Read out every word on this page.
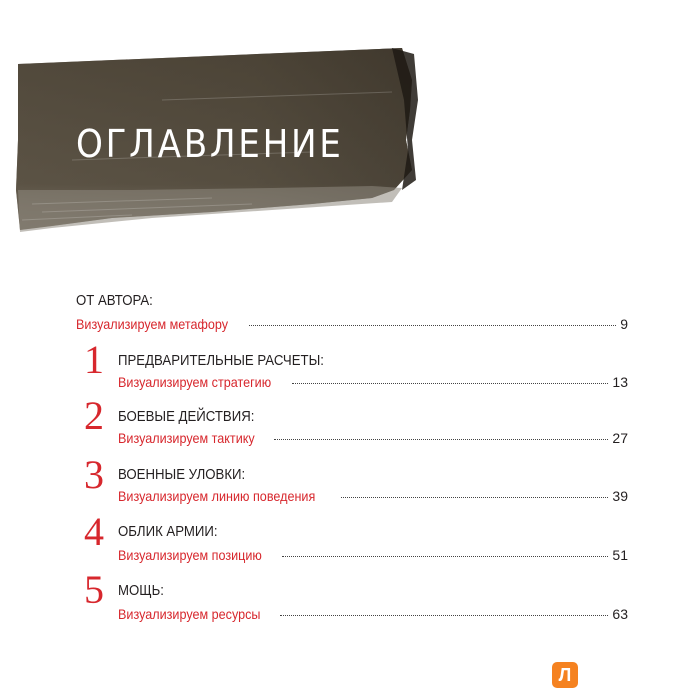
ОГЛАВЛЕНИЕ
ОТ АВТОРА:
Визуализируем метафору	9
1 ПРЕДВАРИТЕЛЬНЫЕ РАСЧЕТЫ:
Визуализируем стратегию	13
2 БОЕВЫЕ ДЕЙСТВИЯ:
Визуализируем тактику	27
3 ВОЕННЫЕ УЛОВКИ:
Визуализируем линию поведения	39
4 ОБЛИК АРМИИ:
Визуализируем позицию	51
5 МОЩЬ:
Визуализируем ресурсы	63
Л
